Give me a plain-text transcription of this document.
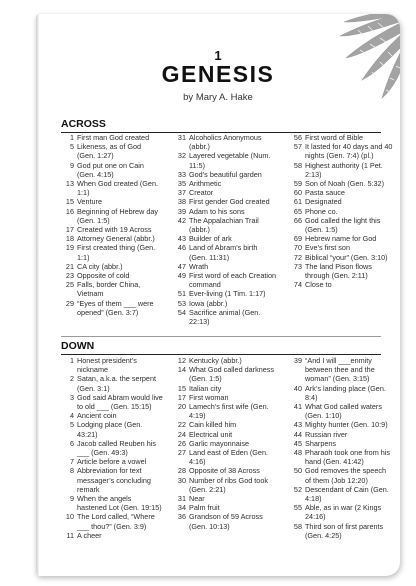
1
GENESIS
by Mary A. Hake
ACROSS
1 First man God created
5 Likeness, as of God (Gen. 1:27)
9 God put one on Cain (Gen. 4:15)
13 When God created (Gen. 1:1)
15 Venture
16 Beginning of Hebrew day (Gen. 1:5)
17 Created with 19 Across
18 Attorney General (abbr.)
19 First created thing (Gen. 1:1)
21 CA city (abbr.)
23 Opposite of cold
25 Falls, border China, Vietnam
29 “Eyes of them ___ were opened” (Gen. 3:7)
31 Alcoholics Anonymous (abbr.)
32 Layered vegetable (Num. 11:5)
33 God’s beautiful garden
35 Arithmetic
37 Creator
38 First gender God created
39 Adam to his sons
42 The Appalachian Trail (abbr.)
43 Builder of ark
46 Land of Abram’s birth (Gen. 11:31)
47 Wrath
49 First word of each Creation command
51 Ever-living (1 Tim. 1:17)
53 Iowa (abbr.)
54 Sacrifice animal (Gen. 22:13)
56 First word of Bible
57 It lasted for 40 days and 40 nights (Gen. 7:4) (pl.)
58 Highest authority (1 Pet. 2:13)
59 Son of Noah (Gen. 5:32)
60 Pasta sauce
61 Designated
65 Phone co.
66 God called the light this (Gen. 1:5)
69 Hebrew name for God
70 Eve’s first son
72 Biblical “your” (Gen. 3:10)
73 The land Pison flows through (Gen. 2:11)
74 Close to
DOWN
1 Honest president’s nickname
2 Satan, a.k.a. the serpent (Gen. 3:1)
3 God said Abram would live to old ___ (Gen. 15:15)
4 Ancient coin
5 Lodging place (Gen. 43:21)
6 Jacob called Reuben his ___ (Gen. 49:3)
7 Article before a vowel
8 Abbreviation for text messager’s concluding remark
9 When the angels hastened Lot (Gen. 19:15)
10 The Lord called, “Where ___ thou?” (Gen. 3:9)
11 A cheer
12 Kentucky (abbr.)
14 What God called darkness (Gen. 1:5)
15 Italian city
17 First woman
20 Lamech’s first wife (Gen. 4:19)
22 Cain killed him
24 Electrical unit
26 Garlic mayonnaise
27 Land east of Eden (Gen. 4:16)
28 Opposite of 38 Across
30 Number of ribs God took (Gen. 2:21)
31 Near
34 Palm fruit
36 Grandson of 59 Across (Gen. 10:13)
39 “And I will ___enmity between thee and the woman” (Gen. 3:15)
40 Ark’s landing place (Gen. 8:4)
41 What God called waters (Gen. 1:10)
43 Mighty hunter (Gen. 10:9)
44 Russian river
45 Sharpens
48 Pharaoh took one from his hand (Gen. 41:42)
50 God removes the speech of them (Job 12:20)
52 Descendant of Cain (Gen. 4:18)
55 Able, as in war (2 Kings 24:16)
58 Third son of first parents (Gen. 4:25)
